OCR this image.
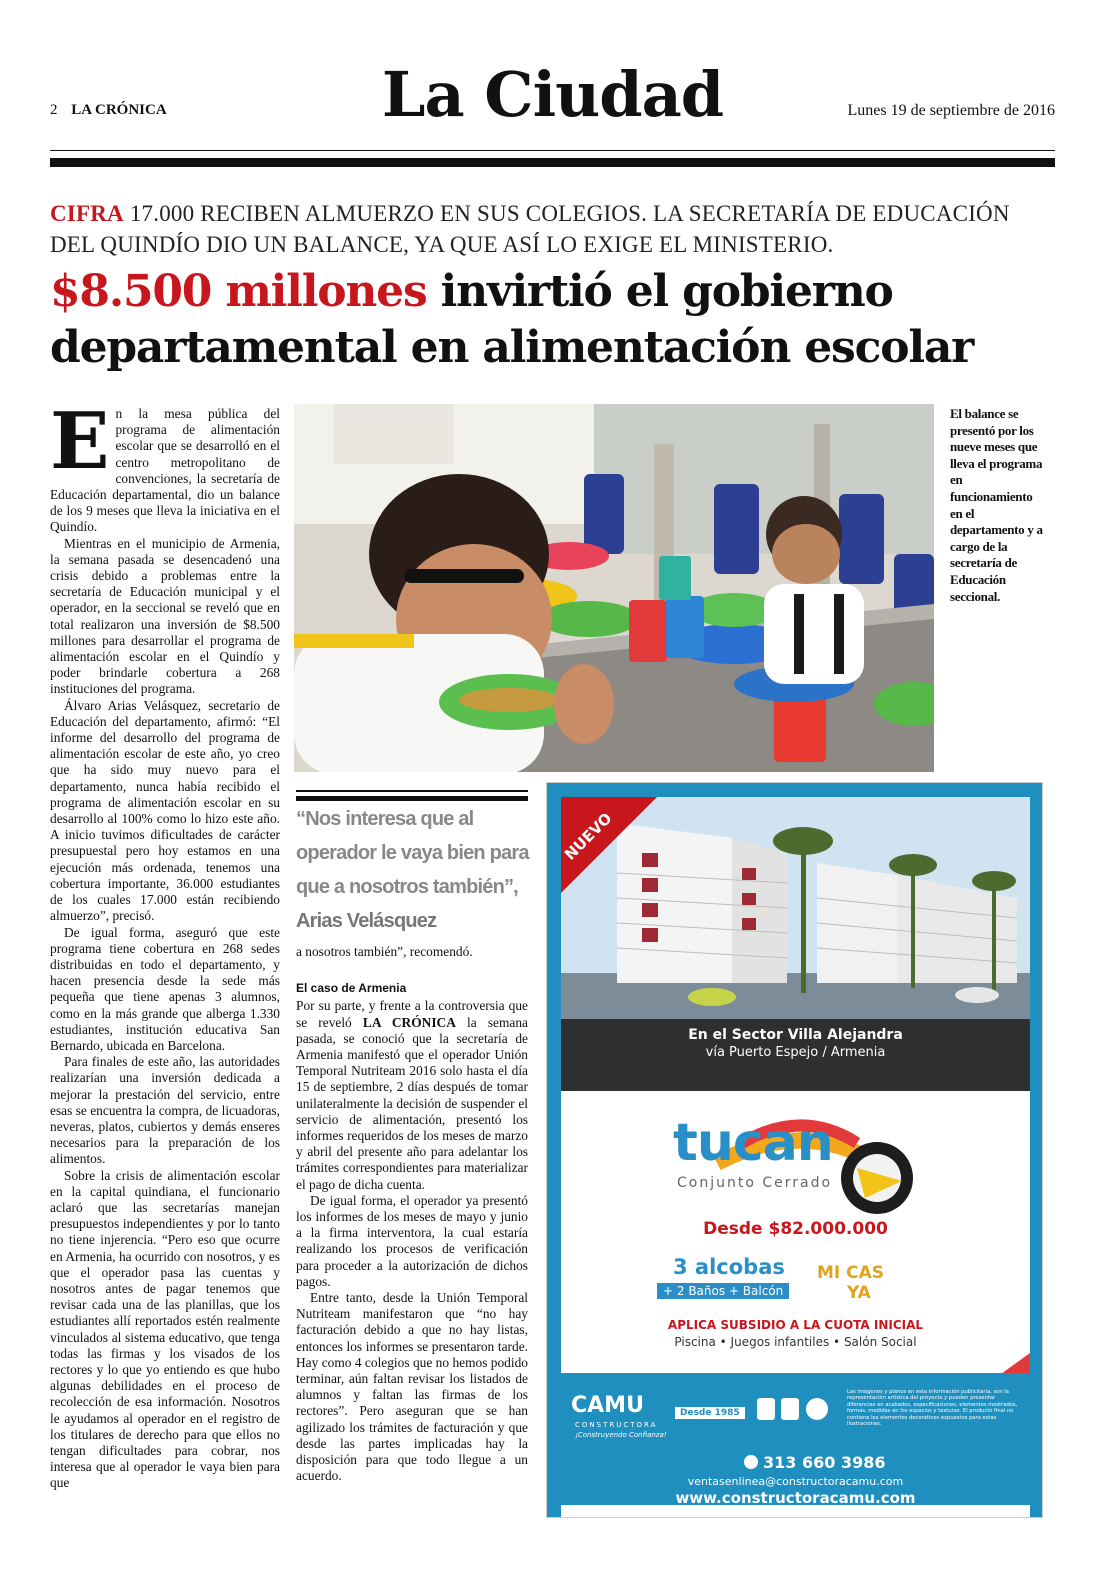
2 LA CRÓNICA	La Ciudad	Lunes 19 de septiembre de 2016
CIFRA 17.000 RECIBEN ALMUERZO EN SUS COLEGIOS. LA SECRETARÍA DE EDUCACIÓN DEL QUINDÍO DIO UN BALANCE, YA QUE ASÍ LO EXIGE EL MINISTERIO.
$8.500 millones invirtió el gobierno departamental en alimentación escolar
E n la mesa pública del programa de alimentación escolar que se desarrolló en el centro metropolitano de convenciones, la secretaría de Educación departamental, dio un balance de los 9 meses que lleva la iniciativa en el Quindío.

Mientras en el municipio de Armenia, la semana pasada se desencadenó una crisis debido a problemas entre la secretaría de Educación municipal y el operador, en la seccional se reveló que en total realizaron una inversión de $8.500 millones para desarrollar el programa de alimentación escolar en el Quindío y poder brindarle cobertura a 268 instituciones del programa.

Álvaro Arias Velásquez, secretario de Educación del departamento, afirmó: “El informe del desarrollo del programa de alimentación escolar de este año, yo creo que ha sido muy nuevo para el departamento, nunca había recibido el programa de alimentación escolar en su desarrollo al 100% como lo hizo este año. A inicio tuvimos dificultades de carácter presupuestal pero hoy estamos en una ejecución más ordenada, tenemos una cobertura importante, 36.000 estudiantes de los cuales 17.000 están recibiendo almuerzo”, precisó.

De igual forma, aseguró que este programa tiene cobertura en 268 sedes distribuidas en todo el departamento, y hacen presencia desde la sede más pequeña que tiene apenas 3 alumnos, como en la más grande que alberga 1.330 estudiantes, institución educativa San Bernardo, ubicada en Barcelona.

Para finales de este año, las autoridades realizarían una inversión dedicada a mejorar la prestación del servicio, entre esas se encuentra la compra, de licuadoras, neveras, platos, cubiertos y demás enseres necesarios para la preparación de los alimentos.

Sobre la crisis de alimentación escolar en la capital quindiana, el funcionario aclaró que las secretarías manejan presupuestos independientes y por lo tanto no tiene injerencia. “Pero eso que ocurre en Armenia, ha ocurrido con nosotros, y es que el operador pasa las cuentas y nosotros antes de pagar tenemos que revisar cada una de las planillas, que los estudiantes allí reportados estén realmente vinculados al sistema educativo, que tenga todas las firmas y los visados de los rectores y lo que yo entiendo es que hubo algunas debilidades en el proceso de recolección de esa información. Nosotros le ayudamos al operador en el registro de los titulares de derecho para que ellos no tengan dificultades para cobrar, nos interesa que al operador le vaya bien para que

El balance se presentó por los nueve meses que lleva el programa en funcionamiento en el departamento y a cargo de la secretaría de Educación seccional.
“Nos interesa que al operador le vaya bien para que a nosotros también”, Arias Velásquez

a nosotros también”, recomendó.

El caso de Armenia

Por su parte, y frente a la controversia que se reveló LA CRÓNICA la semana pasada, se conoció que la secretaría de Armenia manifestó que el operador Unión Temporal Nutriteam 2016 solo hasta el día 15 de septiembre, 2 días después de tomar unilateralmente la decisión de suspender el servicio de alimentación, presentó los informes requeridos de los meses de marzo y abril del presente año para adelantar los trámites correspondientes para materializar el pago de dicha cuenta.

De igual forma, el operador ya presentó los informes de los meses de mayo y junio a la firma interventora, la cual estaría realizando los procesos de verificación para proceder a la autorización de dichos pagos.

Entre tanto, desde la Unión Temporal Nutriteam manifestaron que “no hay facturación debido a que no hay listas, entonces los informes se presentaron tarde. Hay como 4 colegios que no hemos podido terminar, aún faltan revisar los listados de alumnos y faltan las firmas de los rectores”. Pero aseguran que se han agilizado los trámites de facturación y que desde las partes implicadas hay la disposición para que todo llegue a un acuerdo.

NUEVO
En el Sector Villa Alejandra
vía Puerto Espejo / Armenia
tucan
Conjunto Cerrado
Desde $82.000.000
3 alcobas
+ 2 Baños + Balcón
MI CAS
YA
APLICA SUBSIDIO A LA CUOTA INICIAL
Piscina • Juegos infantiles • Salón Social
CAMU
CONSTRUCTORA
¡Construyendo Confianza!
Desde 1985
Las imágenes y planos en esta información publicitaria, son la representación artística del proyecto y pueden presentar diferencias en acabados, especificaciones, elementos mostrados, formas, medidas en los espacios y texturas. El producto final no contiene los elementos decorativos expuestos para estas ilustraciones.
313 660 3986
ventasenlinea@constructoracamu.com
www.constructoracamu.com
